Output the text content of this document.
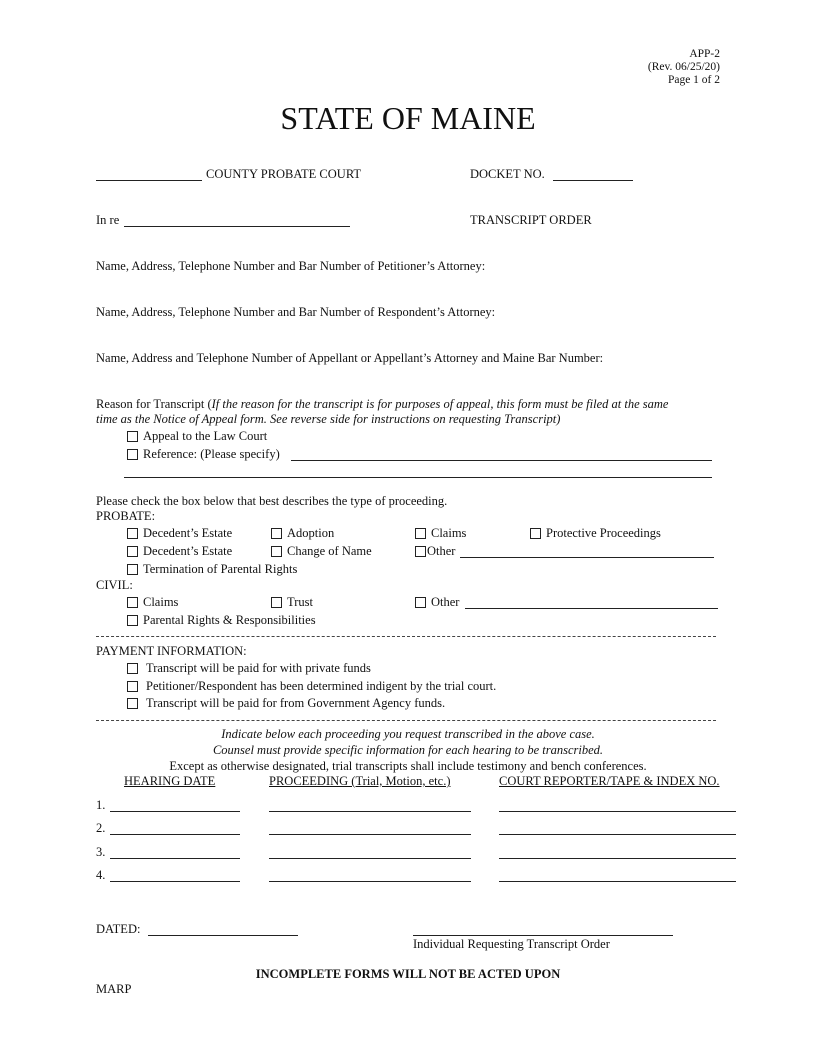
APP-2
(Rev. 06/25/20)
Page 1 of 2
STATE OF MAINE
COUNTY PROBATE COURT	DOCKET NO.
In re	TRANSCRIPT ORDER
Name, Address, Telephone Number and Bar Number of Petitioner’s Attorney:
Name, Address, Telephone Number and Bar Number of Respondent’s Attorney:
Name, Address and Telephone Number of Appellant or Appellant’s Attorney and Maine Bar Number:
Reason for Transcript (If the reason for the transcript is for purposes of appeal, this form must be filed at the same
time as the Notice of Appeal form. See reverse side for instructions on requesting Transcript)
Appeal to the Law Court
Reference: (Please specify)
Please check the box below that best describes the type of proceeding.
PROBATE:
Decedent’s Estate	Adoption	Claims	Protective Proceedings
Decedent’s Estate	Change of Name	Other
Termination of Parental Rights
CIVIL:
Claims	Trust	Other
Parental Rights & Responsibilities
PAYMENT INFORMATION:
Transcript will be paid for with private funds
Petitioner/Respondent has been determined indigent by the trial court.
Transcript will be paid for from Government Agency funds.
Indicate below each proceeding you request transcribed in the above case.
Counsel must provide specific information for each hearing to be transcribed.
Except as otherwise designated, trial transcripts shall include testimony and bench conferences.
HEARING DATE	PROCEEDING (Trial, Motion, etc.)	COURT REPORTER/TAPE & INDEX NO.
1.
2.
3.
4.
DATED:
Individual Requesting Transcript Order
INCOMPLETE FORMS WILL NOT BE ACTED UPON
MARP
